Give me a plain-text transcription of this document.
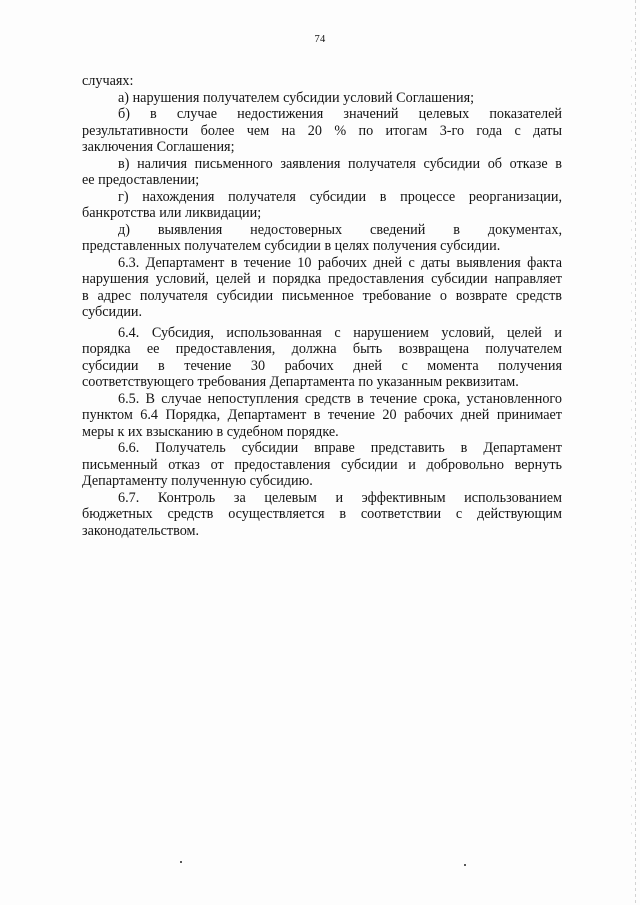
74

случаях:

а) нарушения получателем субсидии условий Соглашения;

б) в случае недостижения значений целевых показателей

результативности более чем на 20 % по итогам 3-го года с даты

заключения Соглашения;

в) наличия письменного заявления получателя субсидии об отказе в

ее предоставлении;

г) нахождения получателя субсидии в процессе реорганизации,

банкротства или ликвидации;

д) выявления недостоверных сведений в документах,

представленных получателем субсидии в целях получения субсидии.

6.3. Департамент в течение 10 рабочих дней с даты выявления факта

нарушения условий, целей и порядка предоставления субсидии направляет

в адрес получателя субсидии письменное требование о возврате средств

субсидии.

6.4. Субсидия, использованная с нарушением условий, целей и

порядка ее предоставления, должна быть возвращена получателем

субсидии в течение 30 рабочих дней с момента получения

соответствующего требования Департамента по указанным реквизитам.

6.5. В случае непоступления средств в течение срока, установленного

пунктом 6.4 Порядка, Департамент в течение 20 рабочих дней принимает

меры к их взысканию в судебном порядке.

6.6. Получатель субсидии вправе представить в Департамент

письменный отказ от предоставления субсидии и добровольно вернуть

Департаменту полученную субсидию.

6.7. Контроль за целевым и эффективным использованием

бюджетных средств осуществляется в соответствии с действующим

законодательством.
